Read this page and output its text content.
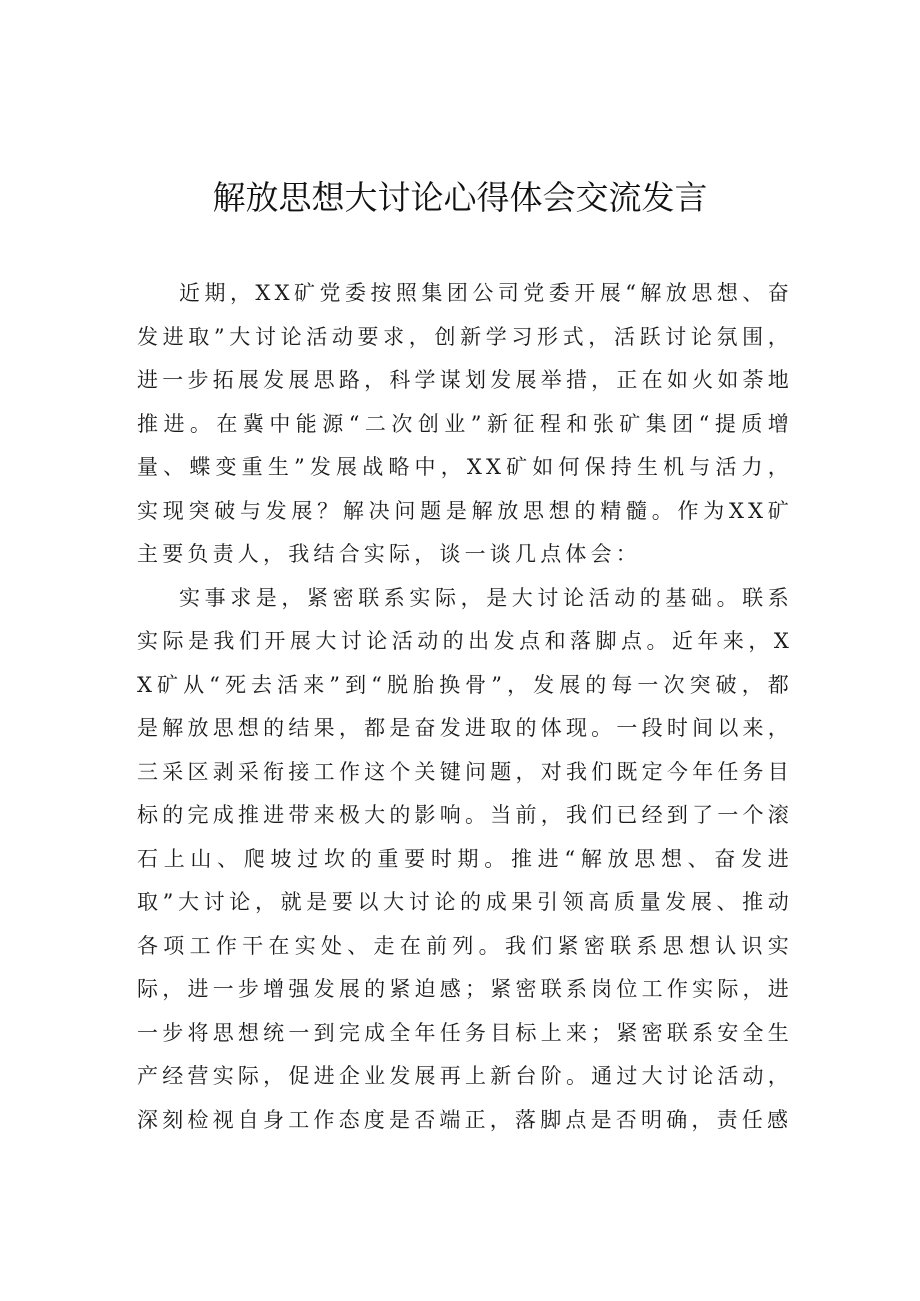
解放思想大讨论心得体会交流发言

近期，XX矿党委按照集团公司党委开展“解放思想、奋发进取”大讨论活动要求，创新学习形式，活跃讨论氛围，进一步拓展发展思路，科学谋划发展举措，正在如火如荼地推进。在冀中能源“二次创业”新征程和张矿集团“提质增量、蝶变重生”发展战略中，XX矿如何保持生机与活力，实现突破与发展？解决问题是解放思想的精髓。作为XX矿主要负责人，我结合实际，谈一谈几点体会：

实事求是，紧密联系实际，是大讨论活动的基础。联系实际是我们开展大讨论活动的出发点和落脚点。近年来，XX矿从“死去活来”到“脱胎换骨”，发展的每一次突破，都是解放思想的结果，都是奋发进取的体现。一段时间以来，三采区剥采衔接工作这个关键问题，对我们既定今年任务目标的完成推进带来极大的影响。当前，我们已经到了一个滚石上山、爬坡过坎的重要时期。推进“解放思想、奋发进取”大讨论，就是要以大讨论的成果引领高质量发展、推动各项工作干在实处、走在前列。我们紧密联系思想认识实际，进一步增强发展的紧迫感；紧密联系岗位工作实际，进一步将思想统一到完成全年任务目标上来；紧密联系安全生产经营实际，促进企业发展再上新台阶。通过大讨论活动，深刻检视自身工作态度是否端正，落脚点是否明确，责任感
